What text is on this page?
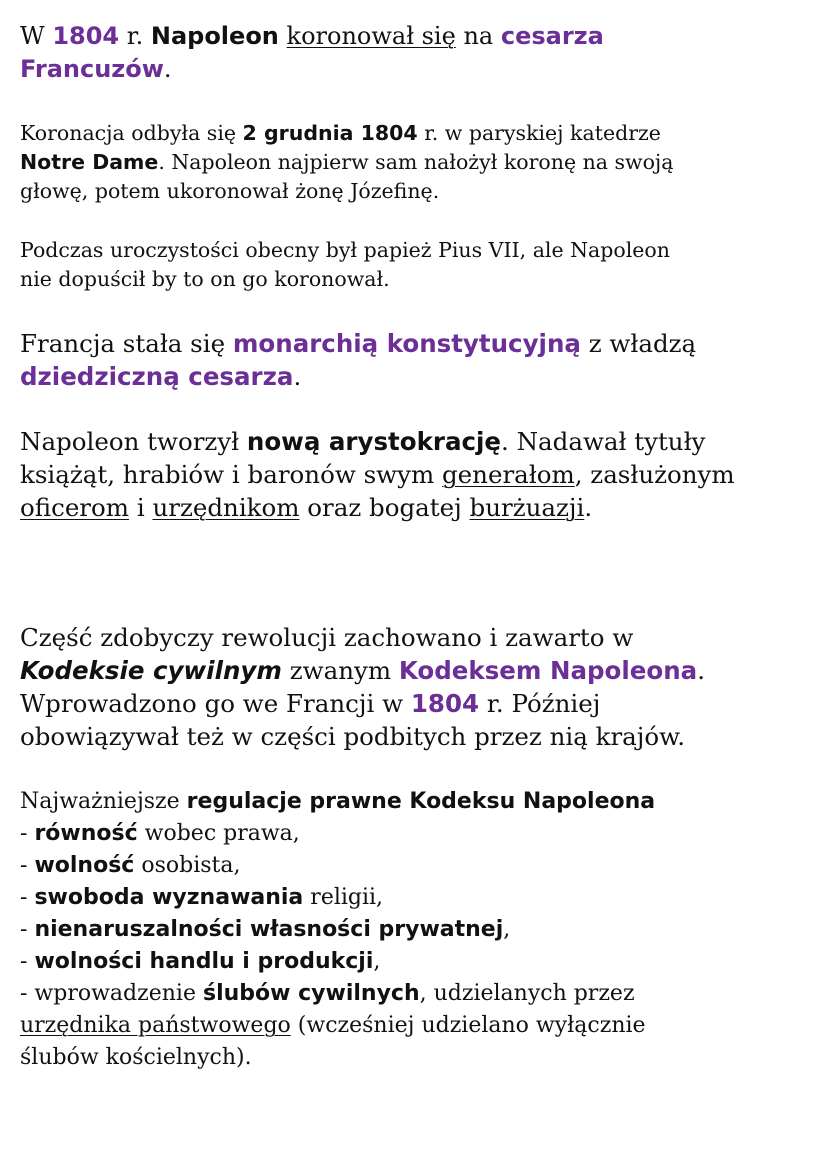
W 1804 r. Napoleon koronował się na cesarza
Francuzów.
Koronacja odbyła się 2 grudnia 1804 r. w paryskiej katedrze
Notre Dame. Napoleon najpierw sam nałożył koronę na swoją
głowę, potem ukoronował żonę Józefinę.
Podczas uroczystości obecny był papież Pius VII, ale Napoleon
nie dopuścił by to on go koronował.
Francja stała się monarchią konstytucyjną z władzą
dziedziczną cesarza.
Napoleon tworzył nową arystokrację. Nadawał tytuły
książąt, hrabiów i baronów swym generałom, zasłużonym
oficerom i urzędnikom oraz bogatej burżuazji.
Część zdobyczy rewolucji zachowano i zawarto w
Kodeksie cywilnym zwanym Kodeksem Napoleona.
Wprowadzono go we Francji w 1804 r. Później
obowiązywał też w części podbitych przez nią krajów.
Najważniejsze regulacje prawne Kodeksu Napoleona
- równość wobec prawa,
- wolność osobista,
- swoboda wyznawania religii,
- nienaruszalności własności prywatnej,
- wolności handlu i produkcji,
- wprowadzenie ślubów cywilnych, udzielanych przez
urzędnika państwowego (wcześniej udzielano wyłącznie
ślubów kościelnych).
